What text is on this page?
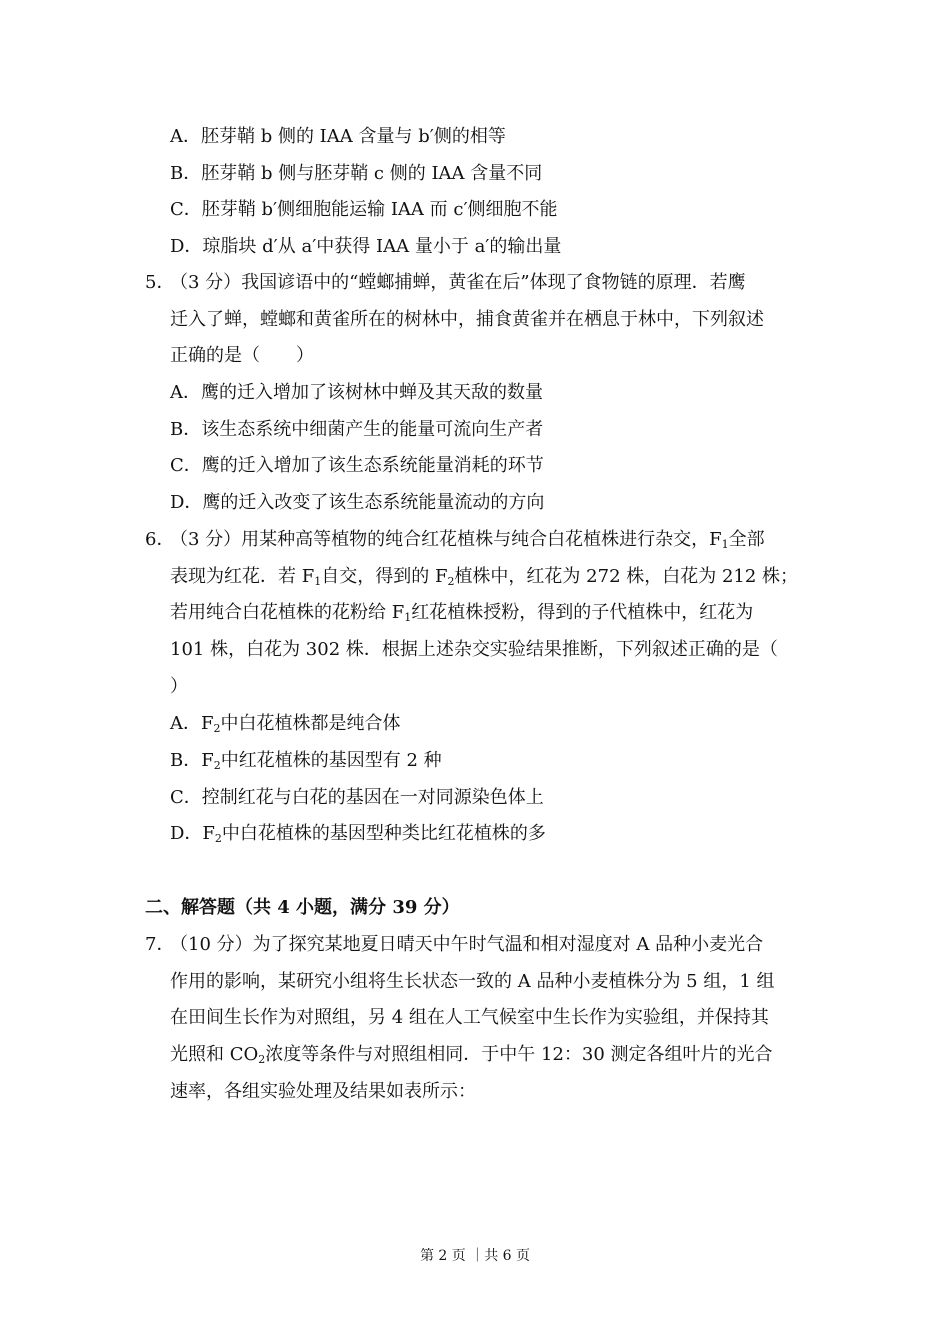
A．胚芽鞘 b 侧的 IAA 含量与 b′侧的相等
B．胚芽鞘 b 侧与胚芽鞘 c 侧的 IAA 含量不同
C．胚芽鞘 b′侧细胞能运输 IAA 而 c′侧细胞不能
D．琼脂块 d′从 a′中获得 IAA 量小于 a′的输出量
5．
（3 分）我国谚语中的“螳螂捕蝉，黄雀在后”体现了食物链的原理．若鹰
迁入了蝉，螳螂和黄雀所在的树林中，捕食黄雀并在栖息于林中，下列叙述
正确的是（　　）
A．鹰的迁入增加了该树林中蝉及其天敌的数量
B．该生态系统中细菌产生的能量可流向生产者
C．鹰的迁入增加了该生态系统能量消耗的环节
D．鹰的迁入改变了该生态系统能量流动的方向
6．
（3 分）用某种高等植物的纯合红花植株与纯合白花植株进行杂交，$F_1$全部
表现为红花．若 $F_1$自交，得到的 $F_2$植株中，红花为 272 株，白花为 212 株；
若用纯合白花植株的花粉给 $F_1$红花植株授粉，得到的子代植株中，红花为
101 株，白花为 302 株．根据上述杂交实验结果推断，下列叙述正确的是（
）
A．$F_2$中白花植株都是纯合体
B．$F_2$中红花植株的基因型有 2 种
C．控制红花与白花的基因在一对同源染色体上
D．$F_2$中白花植株的基因型种类比红花植株的多
二、解答题（共 4 小题，满分 39 分）
7．
（10 分）为了探究某地夏日晴天中午时气温和相对湿度对 A 品种小麦光合
作用的影响，某研究小组将生长状态一致的 A 品种小麦植株分为 5 组，1 组
在田间生长作为对照组，另 4 组在人工气候室中生长作为实验组，并保持其
光照和 $CO_2$浓度等条件与对照组相同．于中午 12：30 测定各组叶片的光合
速率，各组实验处理及结果如表所示：
第 2 页 ｜共 6 页
